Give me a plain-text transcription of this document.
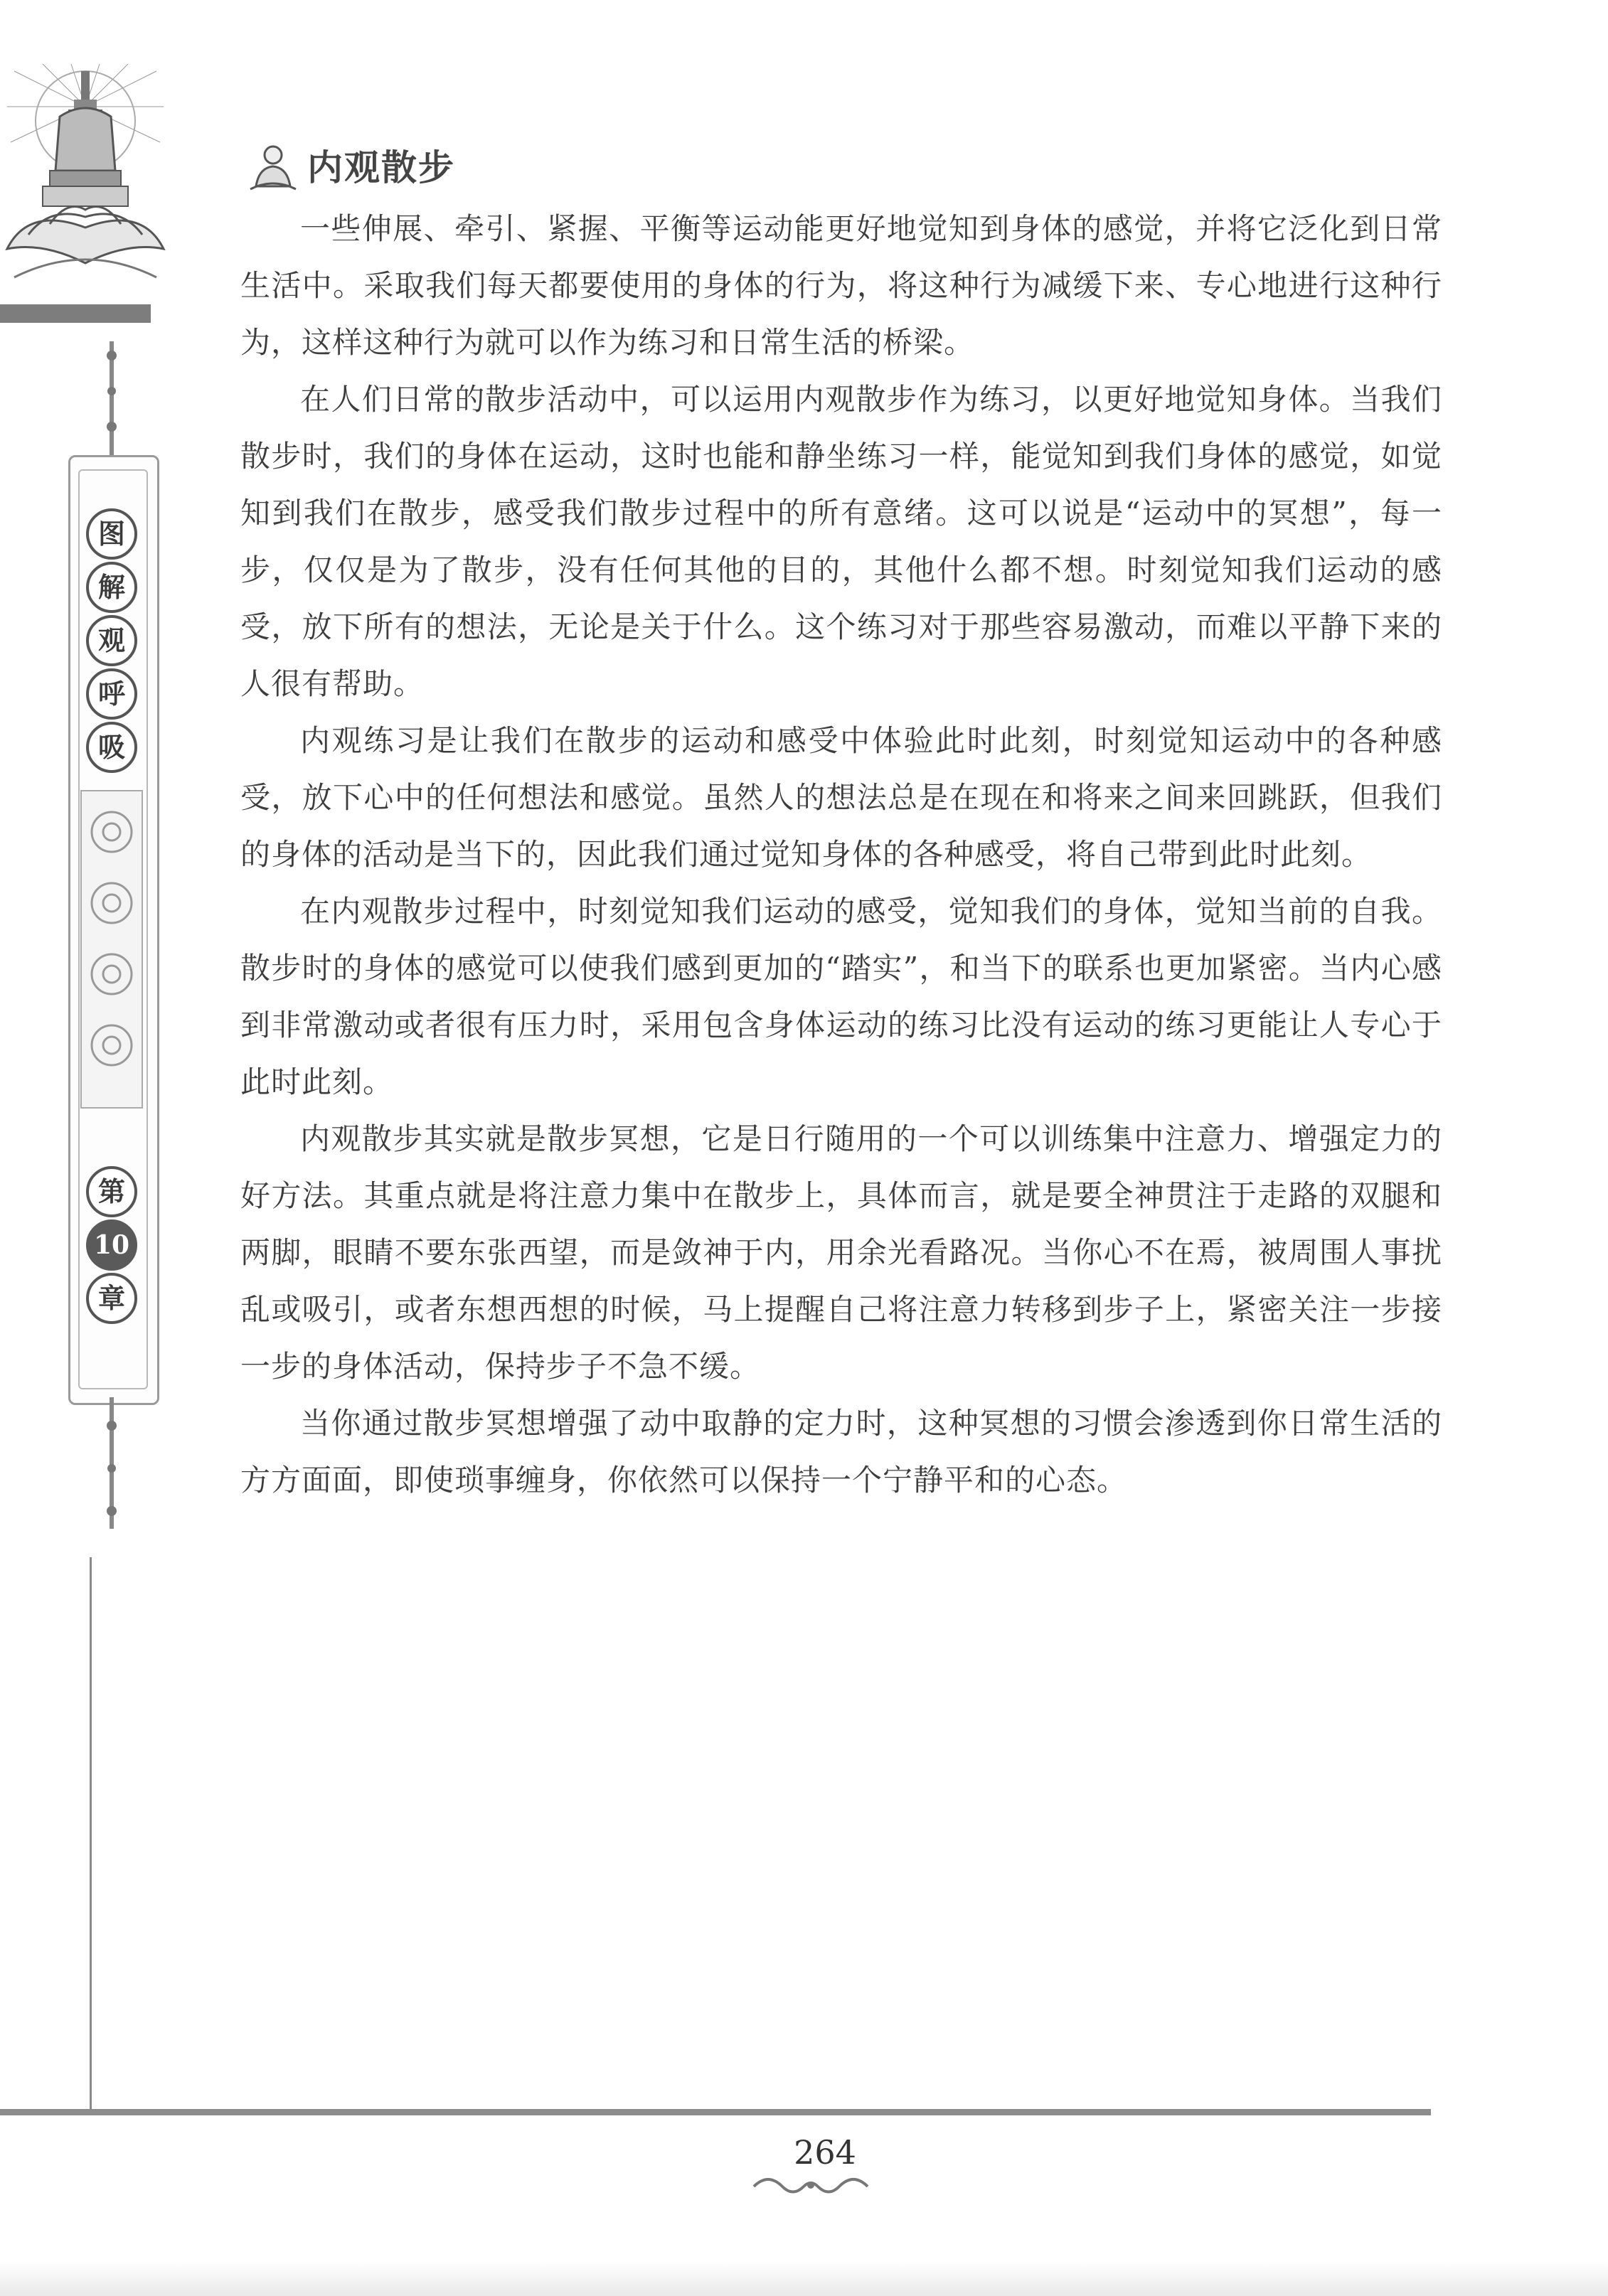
图
解
观
呼
吸
第
10
章
内观散步

一些伸展、牵引、紧握、平衡等运动能更好地觉知到身体的感觉，并将它泛化到日常生活中。采取我们每天都要使用的身体的行为，将这种行为减缓下来、专心地进行这种行为，这样这种行为就可以作为练习和日常生活的桥梁。

在人们日常的散步活动中，可以运用内观散步作为练习，以更好地觉知身体。当我们散步时，我们的身体在运动，这时也能和静坐练习一样，能觉知到我们身体的感觉，如觉知到我们在散步，感受我们散步过程中的所有意绪。这可以说是“运动中的冥想”，每一步，仅仅是为了散步，没有任何其他的目的，其他什么都不想。时刻觉知我们运动的感受，放下所有的想法，无论是关于什么。这个练习对于那些容易激动，而难以平静下来的人很有帮助。

内观练习是让我们在散步的运动和感受中体验此时此刻，时刻觉知运动中的各种感受，放下心中的任何想法和感觉。虽然人的想法总是在现在和将来之间来回跳跃，但我们的身体的活动是当下的，因此我们通过觉知身体的各种感受，将自己带到此时此刻。

在内观散步过程中，时刻觉知我们运动的感受，觉知我们的身体，觉知当前的自我。散步时的身体的感觉可以使我们感到更加的“踏实”，和当下的联系也更加紧密。当内心感到非常激动或者很有压力时，采用包含身体运动的练习比没有运动的练习更能让人专心于此时此刻。

内观散步其实就是散步冥想，它是日行随用的一个可以训练集中注意力、增强定力的好方法。其重点就是将注意力集中在散步上，具体而言，就是要全神贯注于走路的双腿和两脚，眼睛不要东张西望，而是敛神于内，用余光看路况。当你心不在焉，被周围人事扰乱或吸引，或者东想西想的时候，马上提醒自己将注意力转移到步子上，紧密关注一步接一步的身体活动，保持步子不急不缓。

当你通过散步冥想增强了动中取静的定力时，这种冥想的习惯会渗透到你日常生活的方方面面，即使琐事缠身，你依然可以保持一个宁静平和的心态。

264
